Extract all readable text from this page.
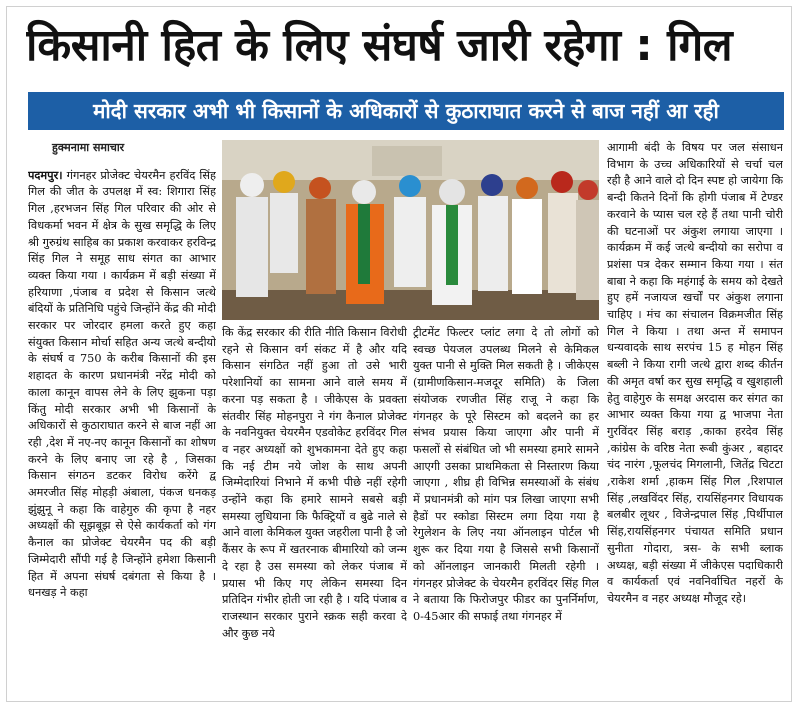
किसानी हित के लिए संघर्ष जारी रहेगा : गिल
मोदी सरकार अभी भी किसानों के अधिकारों से कुठाराघात करने से बाज नहीं आ रही
हुक्मनामा समाचार

पदमपुर। गंगनहर प्रोजेक्ट चेयरमैन हरविंद सिंह गिल की जीत के उपलक्ष में स्व: शिगारा सिंह गिल ,हरभजन सिंह गिल परिवार की ओर से विधकर्मा भवन में क्षेत्र के सुख समृद्धि के लिए श्री गुरुग्रंथ साहिब का प्रकाश करवाकर हरविन्द्र सिंह गिल ने समूह साध संगत का आभार व्यक्त किया गया । कार्यक्रम में बड़ी संख्या में हरियाणा ,पंजाब व प्रदेश से किसान जत्थे बंदियों के प्रतिनिधि पहुंचे जिन्होंने केंद्र की मोदी सरकार पर जोरदार हमला करते हुए कहा संयुक्त किसान मोर्चा सहित अन्य जत्थे बन्दीयो के संघर्ष व 750 के करीब किसानों की इस शहादत के कारण प्रधानमंत्री नरेंद्र मोदी को काला कानून वापस लेने के लिए झुकना पड़ा किंतु मोदी सरकार अभी भी किसानों के अधिकारों से कुठाराघात करने से बाज नहीं आ रही ,देश में नए-नए कानून किसानों का शोषण करने के लिए बनाए जा रहे है , जिसका किसान संगठन डटकर विरोध करेंगे द्व अमरजीत सिंह मोहड़ी अंबाला, पंकज धनकड़ झुंझुनू ने कहा कि वाहेगुरु की कृपा है नहर अध्यक्षों की सूझबूझ से ऐसे कार्यकर्ता को गंग कैनाल का प्रोजेक्ट चेयरमैन पद की बड़ी जिम्मेदारी सौंपी गई है जिन्होंने हमेशा किसानी हित में अपना संघर्ष दबंगता से किया है । धनखड़ ने कहा

कि केंद्र सरकार की रीति नीति किसान विरोधी रहने से किसान वर्ग संकट में है और यदि किसान संगठित नहीं हुआ तो उसे भारी परेशानियों का सामना आने वाले समय में करना पड़ सकता है । जीकेएस के प्रवक्ता संतवीर सिंह मोहनपुरा ने गंग कैनाल प्रोजेक्ट के नवनियुक्त चेयरमैन एडवोकेट हरविंदर गिल व नहर अध्यक्षों को शुभकामना देते हुए कहा कि नई टीम नये जोश के साथ अपनी जिम्मेदारियां निभाने में कभी पीछे नहीं रहेगी उन्होंने कहा कि हमारे सामने सबसे बड़ी समस्या लुधियाना कि फैक्ट्रियों व बुढे नाले से आने वाला केमिकल युक्त जहरीला पानी है जो कैंसर के रूप में खतरनाक बीमारियो को जन्म दे रहा है उस समस्या को लेकर पंजाब में प्रयास भी किए गए लेकिन समस्या दिन प्रतिदिन गंभीर होती जा रही है । यदि पंजाब व राजस्थान सरकार पुराने स्क्रक सही करवा दे और कुछ नये

ट्रीटमेंट फिल्टर प्लांट लगा दे तो लोगों को स्वच्छ पेयजल उपलब्ध मिलने से केमिकल युक्त पानी से मुक्ति मिल सकती है । जीकेएस (ग्रामीणकिसान-मजदूर समिति) के जिला संयोजक रणजीत सिंह राजू ने कहा कि गंगनहर के पूरे सिस्टम को बदलने का हर संभव प्रयास किया जाएगा और पानी में फसलों से संबंधित जो भी समस्या हमारे सामने आएगी उसका प्राथमिकता से निस्तारण किया जाएगा , शीघ्र ही विभिन्न समस्याओं के संबंध में प्रधानमंत्री को मांग पत्र लिखा जाएगा सभी हैडों पर स्कोडा सिस्टम लगा दिया गया है रेगुलेशन के लिए नया ऑनलाइन पोर्टल भी शुरू कर दिया गया है जिससे सभी किसानों को ऑनलाइन जानकारी मिलती रहेगी । गंगनहर प्रोजेक्ट के चेयरमैन हरविंदर सिंह गिल ने बताया कि फिरोजपुर फीडर का पुनर्निर्माण, 0-45आर की सफाई तथा गंगनहर में

आगामी बंदी के विषय पर जल संसाधन विभाग के उच्च अधिकारियों से चर्चा चल रही है आने वाले दो दिन स्पष्ट हो जायेगा कि बन्दी कितने दिनों कि होगी पंजाब में टेण्डर करवाने के प्यास चल रहे हैं तथा पानी चोरी की घटनाओं पर अंकुश लगाया जाएगा । कार्यक्रम में कई जत्थे बन्दीयो का सरोपा व प्रशंसा पत्र देकर सम्मान किया गया । संत बाबा ने कहा कि महंगाई के समय को देखते हुए हमें नजायज खर्चों पर अंकुश लगाना चाहिए । मंच का संचालन विक्रमजीत सिंह गिल ने किया । तथा अन्त में समापन धन्यवादके साथ सरपंच 15 ह मोहन सिंह बब्ली ने किया रागी जत्थे द्वारा शब्द कीर्तन की अमृत वर्षा कर सुख समृद्धि व खुशहाली हेतु वाहेगुरु के समक्ष अरदास कर संगत का आभार व्यक्त किया गया द्व भाजपा नेता गुरविंदर सिंह बराड़ ,काका हरदेव सिंह ,कांग्रेस के वरिष्ठ नेता रूबी कुंअर , बहादर चंद नारंग ,फूलचंद मिगलानी, जितेंद्र चिटटा ,राकेश शर्मा ,हाकम सिंह गिल ,रिशपाल सिंह ,लखविंदर सिंह, रायसिंहनगर विधायक बलबीर लूथर , विजेन्द्रपाल सिंह ,पिर्थीपाल सिंह,रायसिंहनगर पंचायत समिति प्रधान सुनीता गोदारा, त्रस- के सभी ब्लाक अध्यक्ष, बड़ी संख्या में जीकेएस पदाधिकारी व कार्यकर्ता एवं नवनिर्वाचित नहरों के चेयरमैन व नहर अध्यक्ष मौजूद रहे।
